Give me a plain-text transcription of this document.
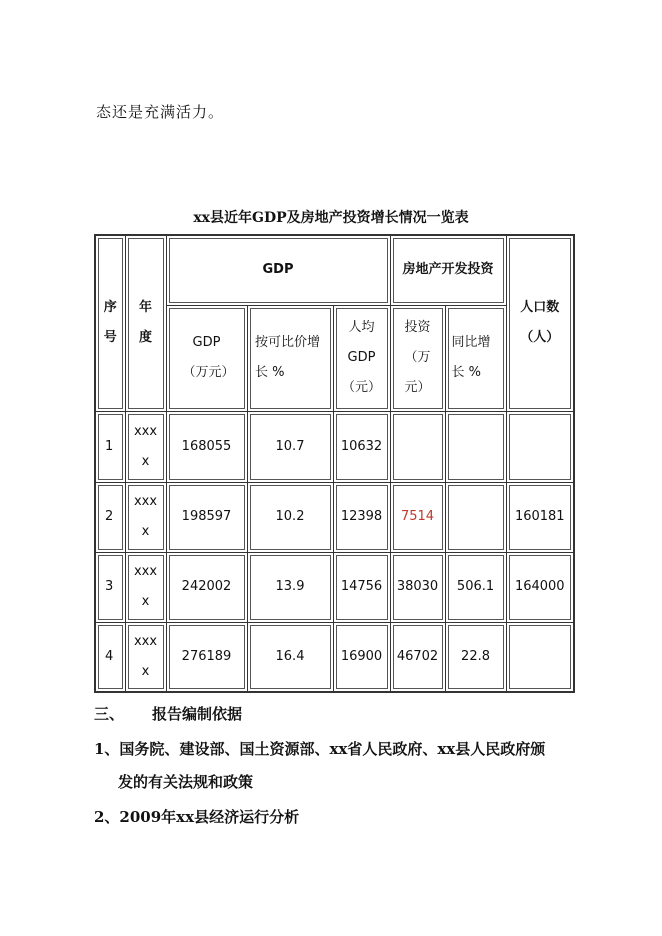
态还是充满活力。
xx县近年GDP及房地产投资增长情况一览表
序号	年度	GDP			房地产开发投资		人口数（人）

		GDP（万元）	按可比价增长 %	人均GDP（元）	投资（万元）	同比增长 %	

1	xxxx	168055	10.7	10632			
2	xxxx	198597	10.2	12398	7514		160181
3	xxxx	242002	13.9	14756	38030	506.1	164000
4	xxxx	276189	16.4	16900	46702	22.8	
三、 报告编制依据
1、国务院、建设部、国土资源部、xx省人民政府、xx县人民政府颁
发的有关法规和政策
2、2009年xx县经济运行分析
